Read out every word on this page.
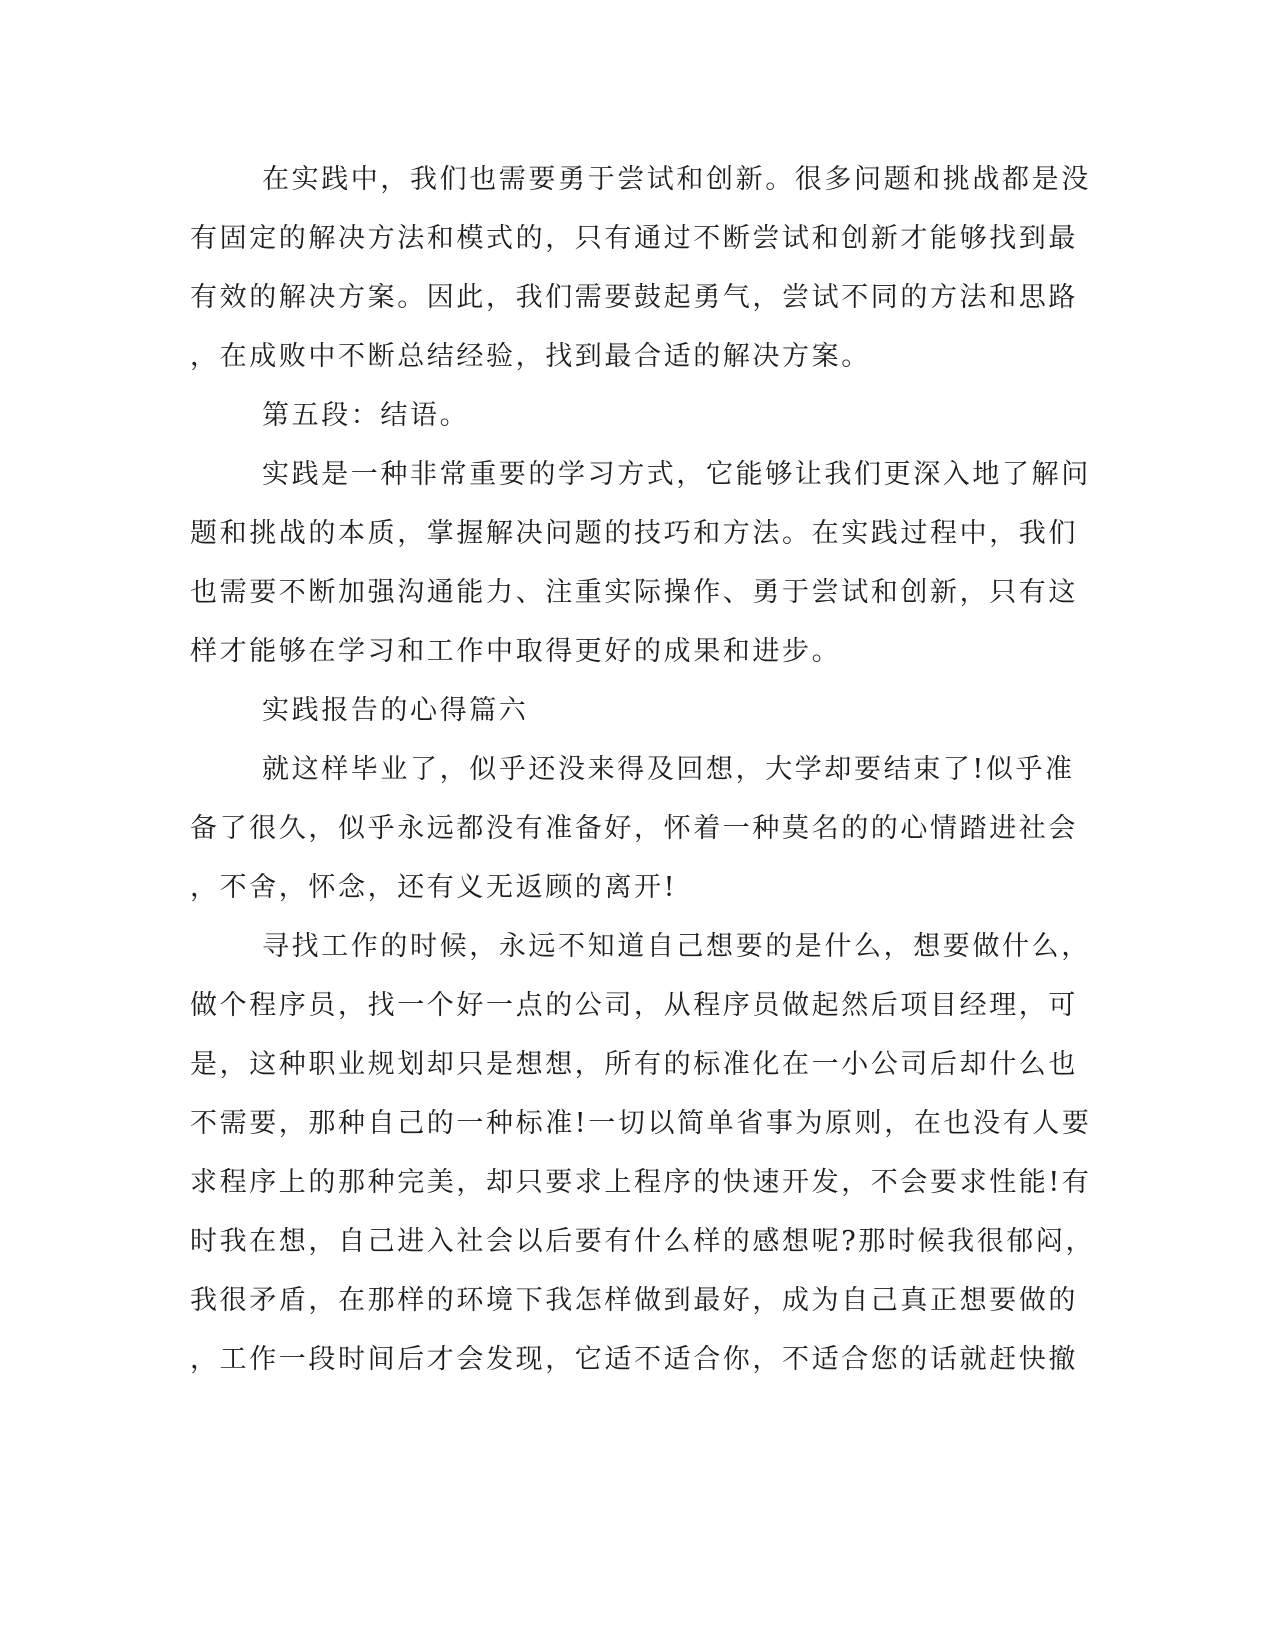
在实践中，我们也需要勇于尝试和创新。很多问题和挑战都是没
有固定的解决方法和模式的，只有通过不断尝试和创新才能够找到最
有效的解决方案。因此，我们需要鼓起勇气，尝试不同的方法和思路
，在成败中不断总结经验，找到最合适的解决方案。
第五段：结语。
实践是一种非常重要的学习方式，它能够让我们更深入地了解问
题和挑战的本质，掌握解决问题的技巧和方法。在实践过程中，我们
也需要不断加强沟通能力、注重实际操作、勇于尝试和创新，只有这
样才能够在学习和工作中取得更好的成果和进步。
实践报告的心得篇六
就这样毕业了，似乎还没来得及回想，大学却要结束了!似乎准
备了很久，似乎永远都没有准备好，怀着一种莫名的的心情踏进社会
，不舍，怀念，还有义无返顾的离开!
寻找工作的时候，永远不知道自己想要的是什么，想要做什么，
做个程序员，找一个好一点的公司，从程序员做起然后项目经理，可
是，这种职业规划却只是想想，所有的标准化在一小公司后却什么也
不需要，那种自己的一种标准!一切以简单省事为原则，在也没有人要
求程序上的那种完美，却只要求上程序的快速开发，不会要求性能!有
时我在想，自己进入社会以后要有什么样的感想呢?那时候我很郁闷，
我很矛盾，在那样的环境下我怎样做到最好，成为自己真正想要做的
，工作一段时间后才会发现，它适不适合你，不适合您的话就赶快撤
